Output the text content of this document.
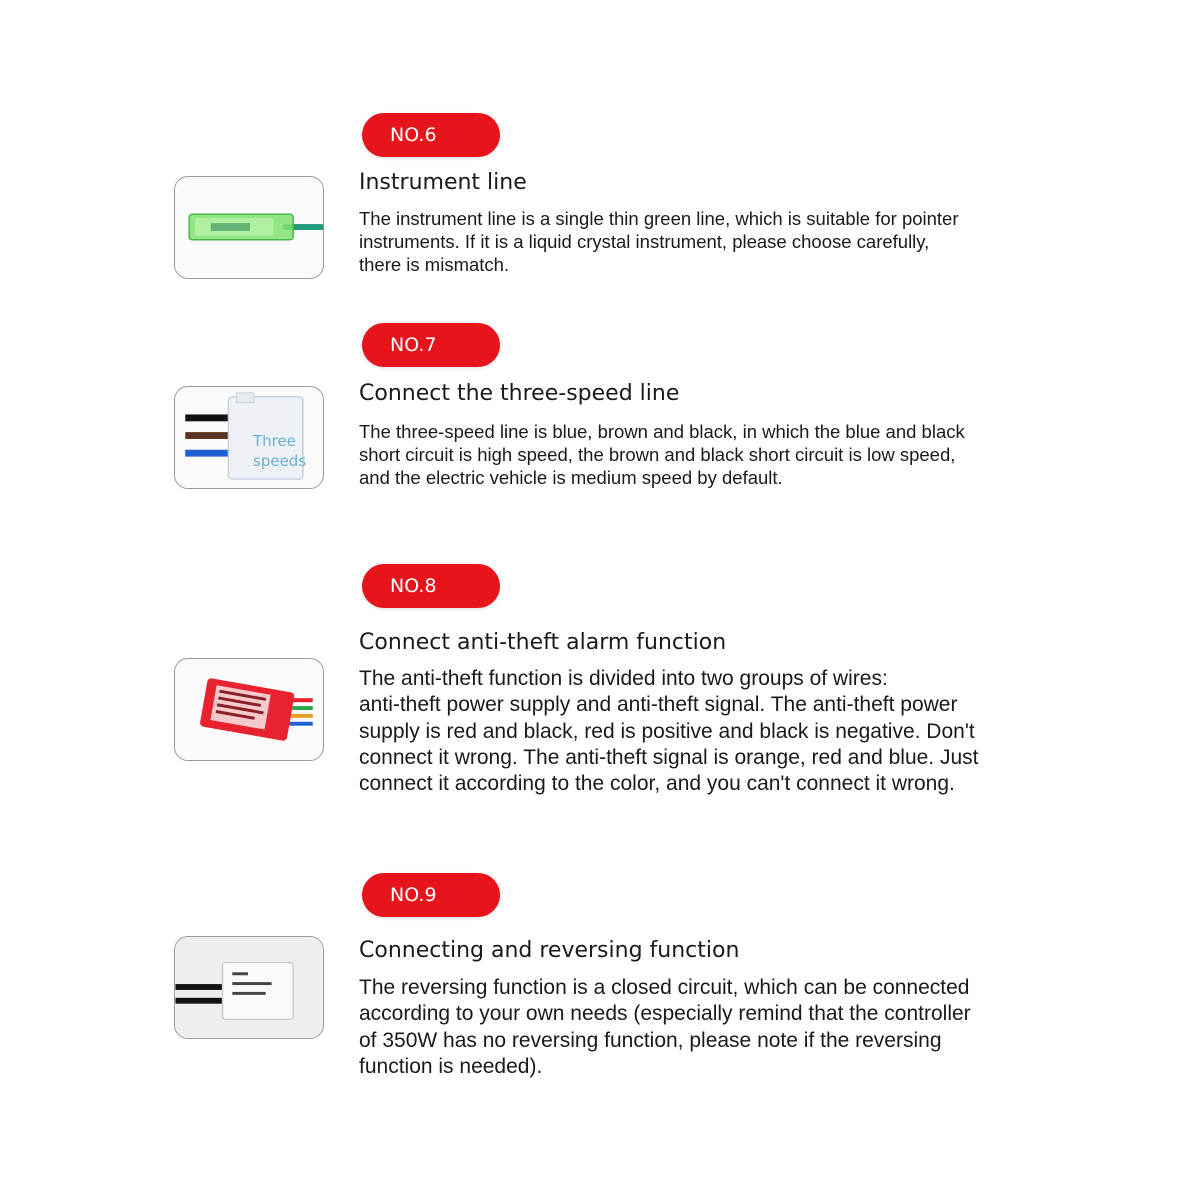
NO.6
Instrument line
The instrument line is a single thin green line, which is suitable for pointer
instruments. If it is a liquid crystal instrument, please choose carefully,
there is mismatch.
NO.7
Three
speeds
Connect the three-speed line
The three-speed line is blue, brown and black, in which the blue and black
short circuit is high speed, the brown and black short circuit is low speed,
and the electric vehicle is medium speed by default.
NO.8
Connect anti-theft alarm function
The anti-theft function is divided into two groups of wires:
anti-theft power supply and anti-theft signal. The anti-theft power
supply is red and black, red is positive and black is negative. Don't
connect it wrong. The anti-theft signal is orange, red and blue. Just
connect it according to the color, and you can't connect it wrong.
NO.9
Connecting and reversing function
The reversing function is a closed circuit, which can be connected
according to your own needs (especially remind that the controller
of 350W has no reversing function, please note if the reversing
function is needed).
